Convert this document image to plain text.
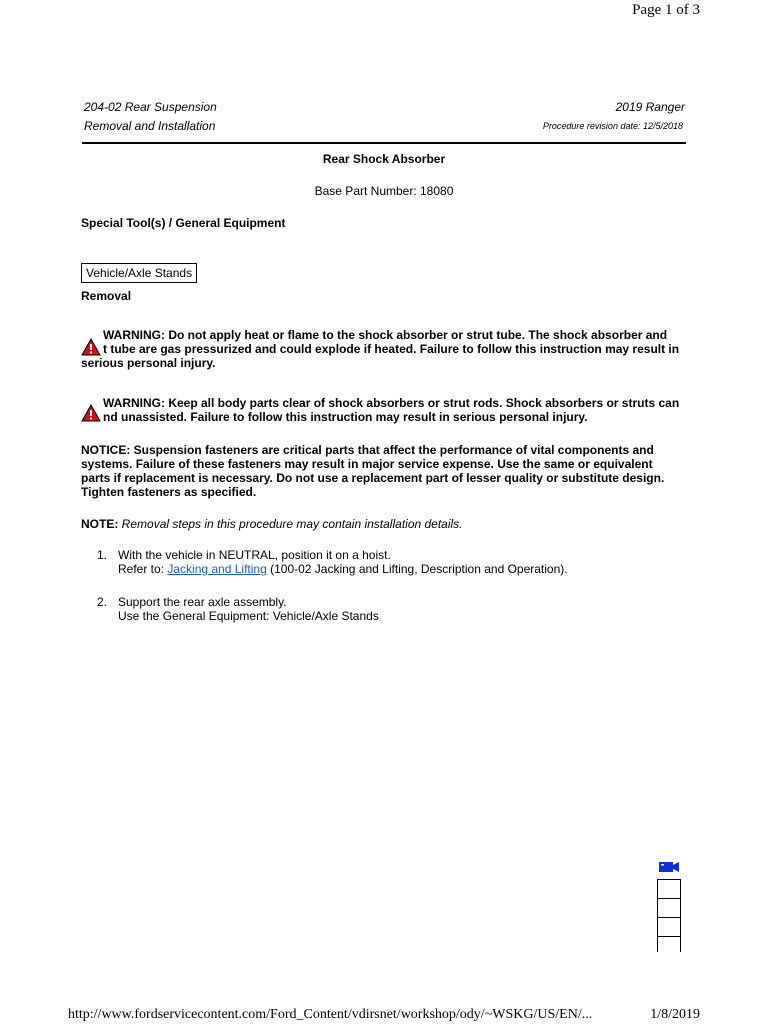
Page 1 of 3
204-02 Rear Suspension
Removal and Installation
2019 Ranger
Procedure revision date: 12/5/2018
Rear Shock Absorber
Base Part Number: 18080
Special Tool(s) / General Equipment
Vehicle/Axle Stands
Removal
WARNING: Do not apply heat or flame to the shock absorber or strut tube. The shock absorber and
t tube are gas pressurized and could explode if heated. Failure to follow this instruction may result in
serious personal injury.
WARNING: Keep all body parts clear of shock absorbers or strut rods. Shock absorbers or struts can
nd unassisted. Failure to follow this instruction may result in serious personal injury.
NOTICE: Suspension fasteners are critical parts that affect the performance of vital components and
systems. Failure of these fasteners may result in major service expense. Use the same or equivalent
parts if replacement is necessary. Do not use a replacement part of lesser quality or substitute design.
Tighten fasteners as specified.
NOTE: Removal steps in this procedure may contain installation details.
1. With the vehicle in NEUTRAL, position it on a hoist.
Refer to: Jacking and Lifting (100-02 Jacking and Lifting, Description and Operation).
2. Support the rear axle assembly.
Use the General Equipment: Vehicle/Axle Stands
http://www.fordservicecontent.com/Ford_Content/vdirsnet/workshop/ody/~WSKG/US/EN/...	1/8/2019
